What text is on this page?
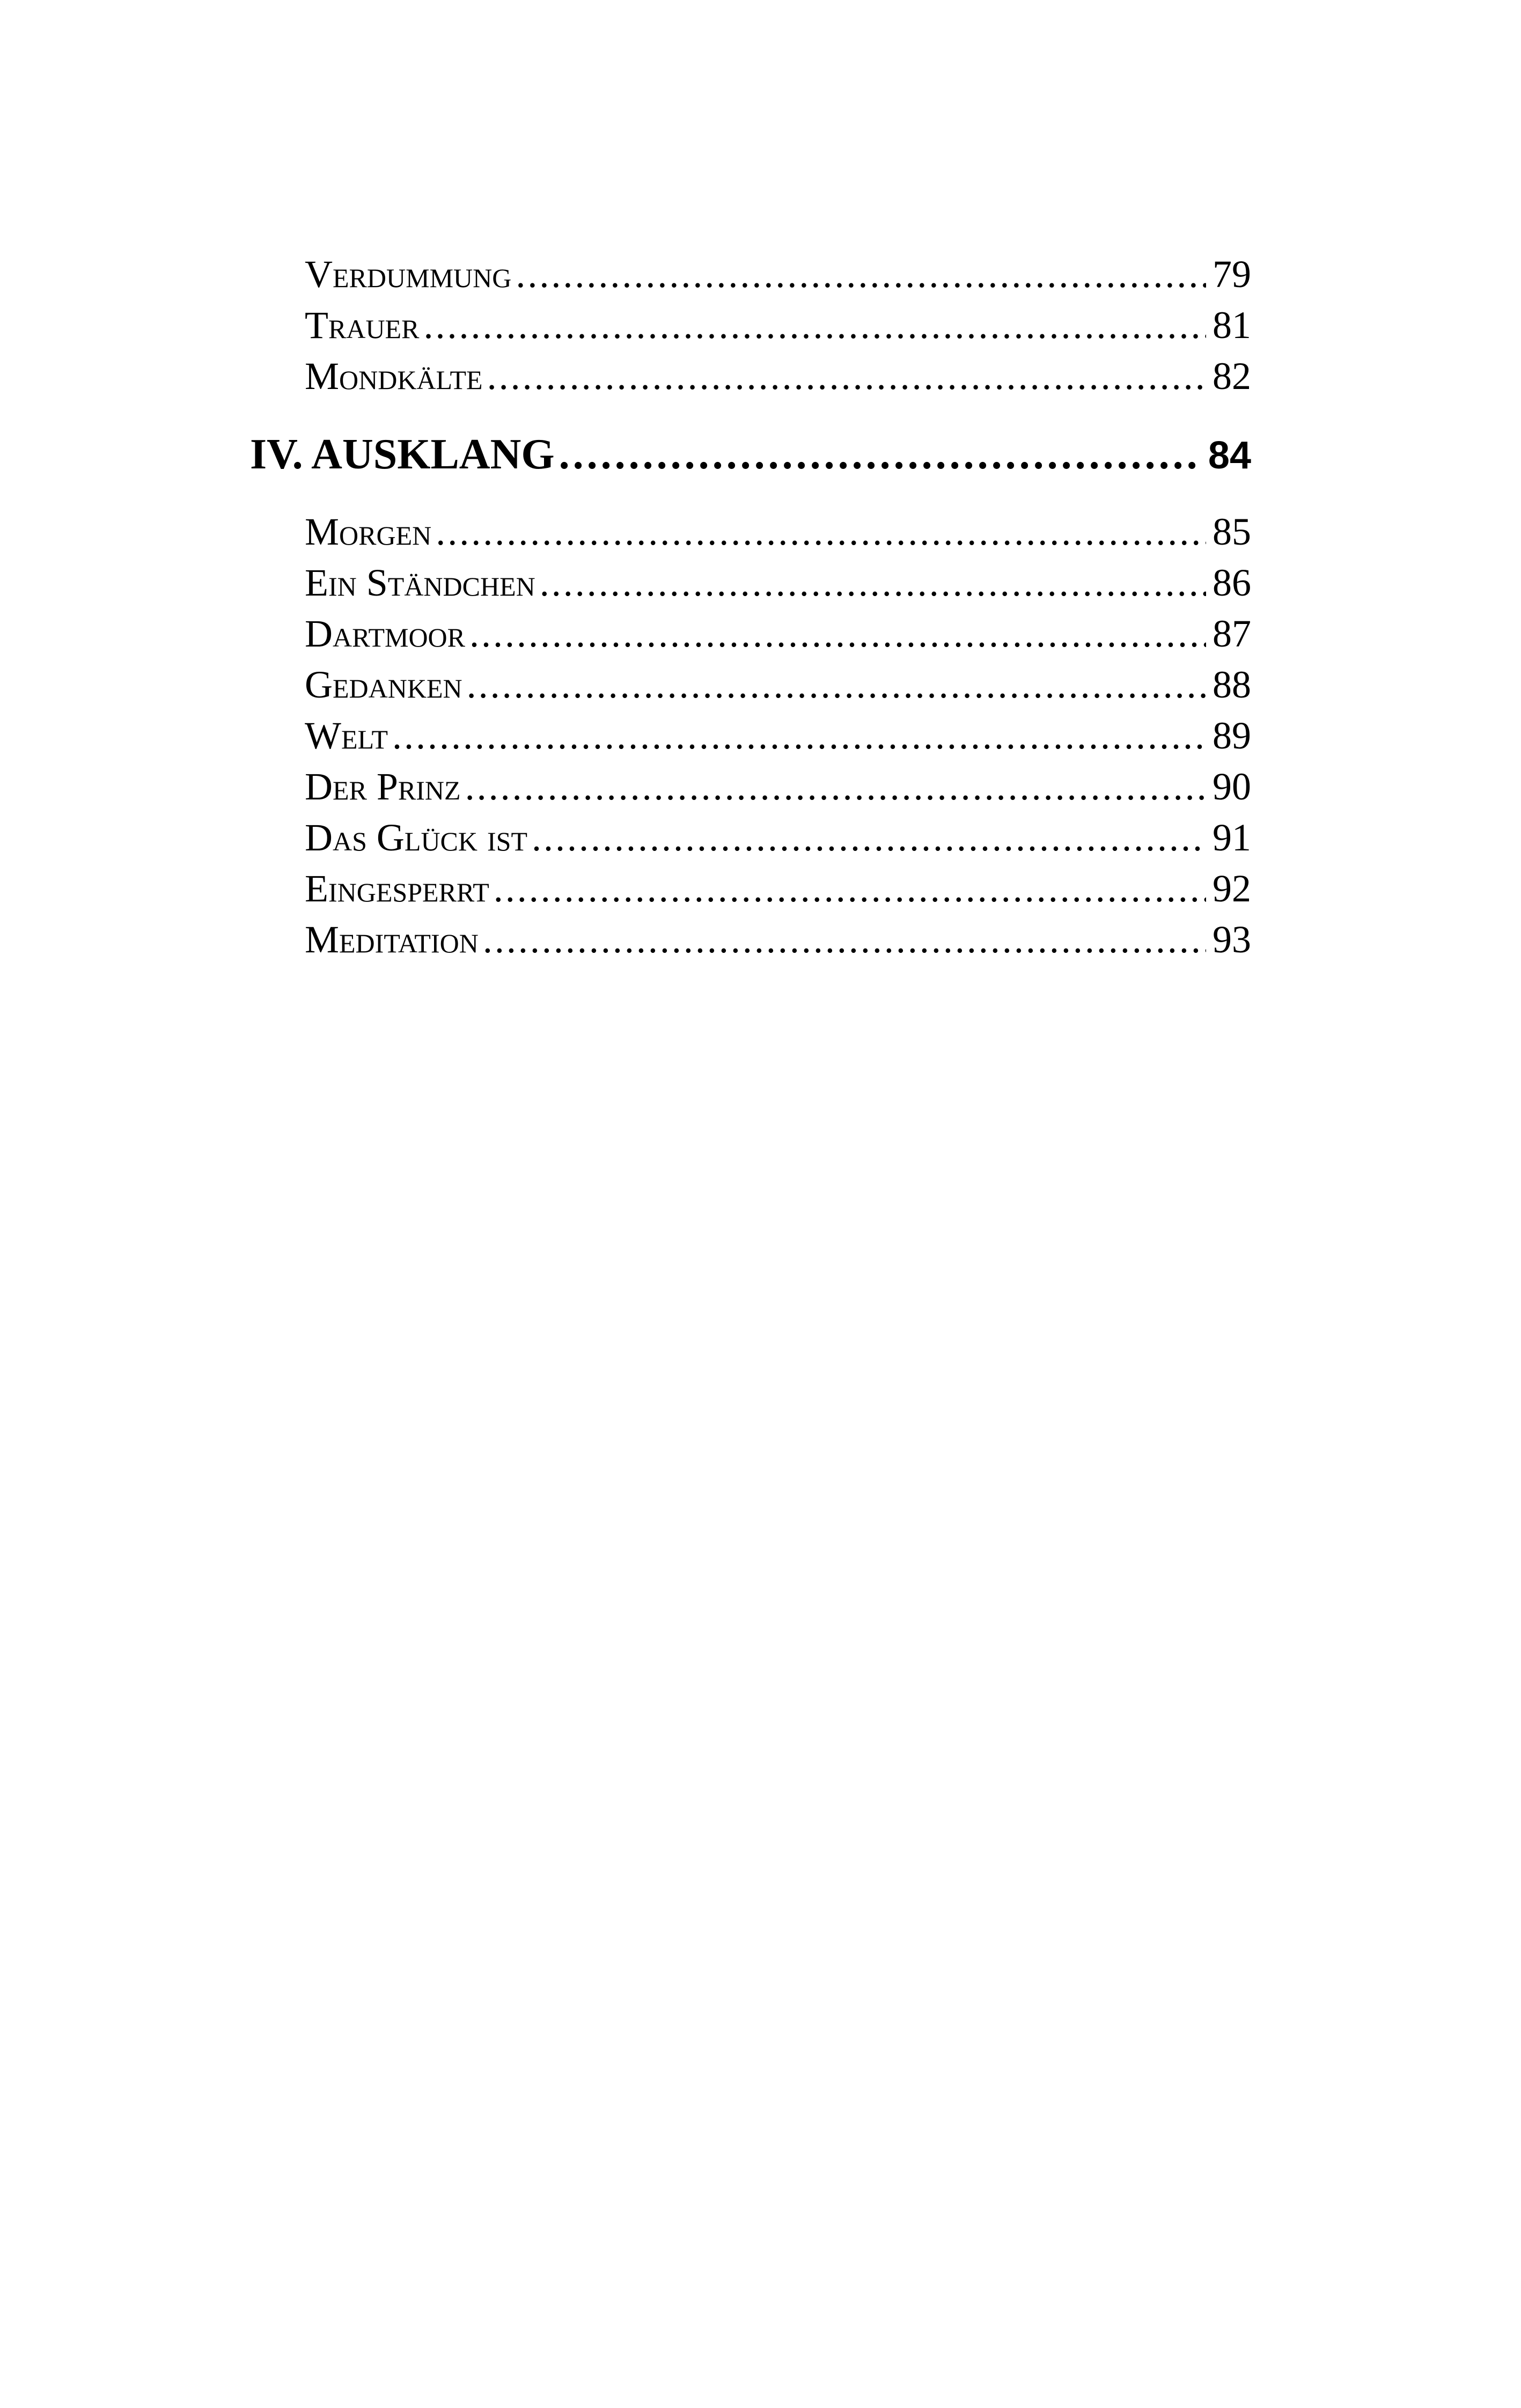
Verdummung .....	79
Trauer .....	81
Mondkälte .....	82
IV. AUSKLANG .....	84
Morgen .....	85
Ein Ständchen .....	86
Dartmoor .....	87
Gedanken .....	88
Welt .....	89
Der Prinz .....	90
Das Glück ist .....	91
Eingesperrt .....	92
Meditation .....	93
